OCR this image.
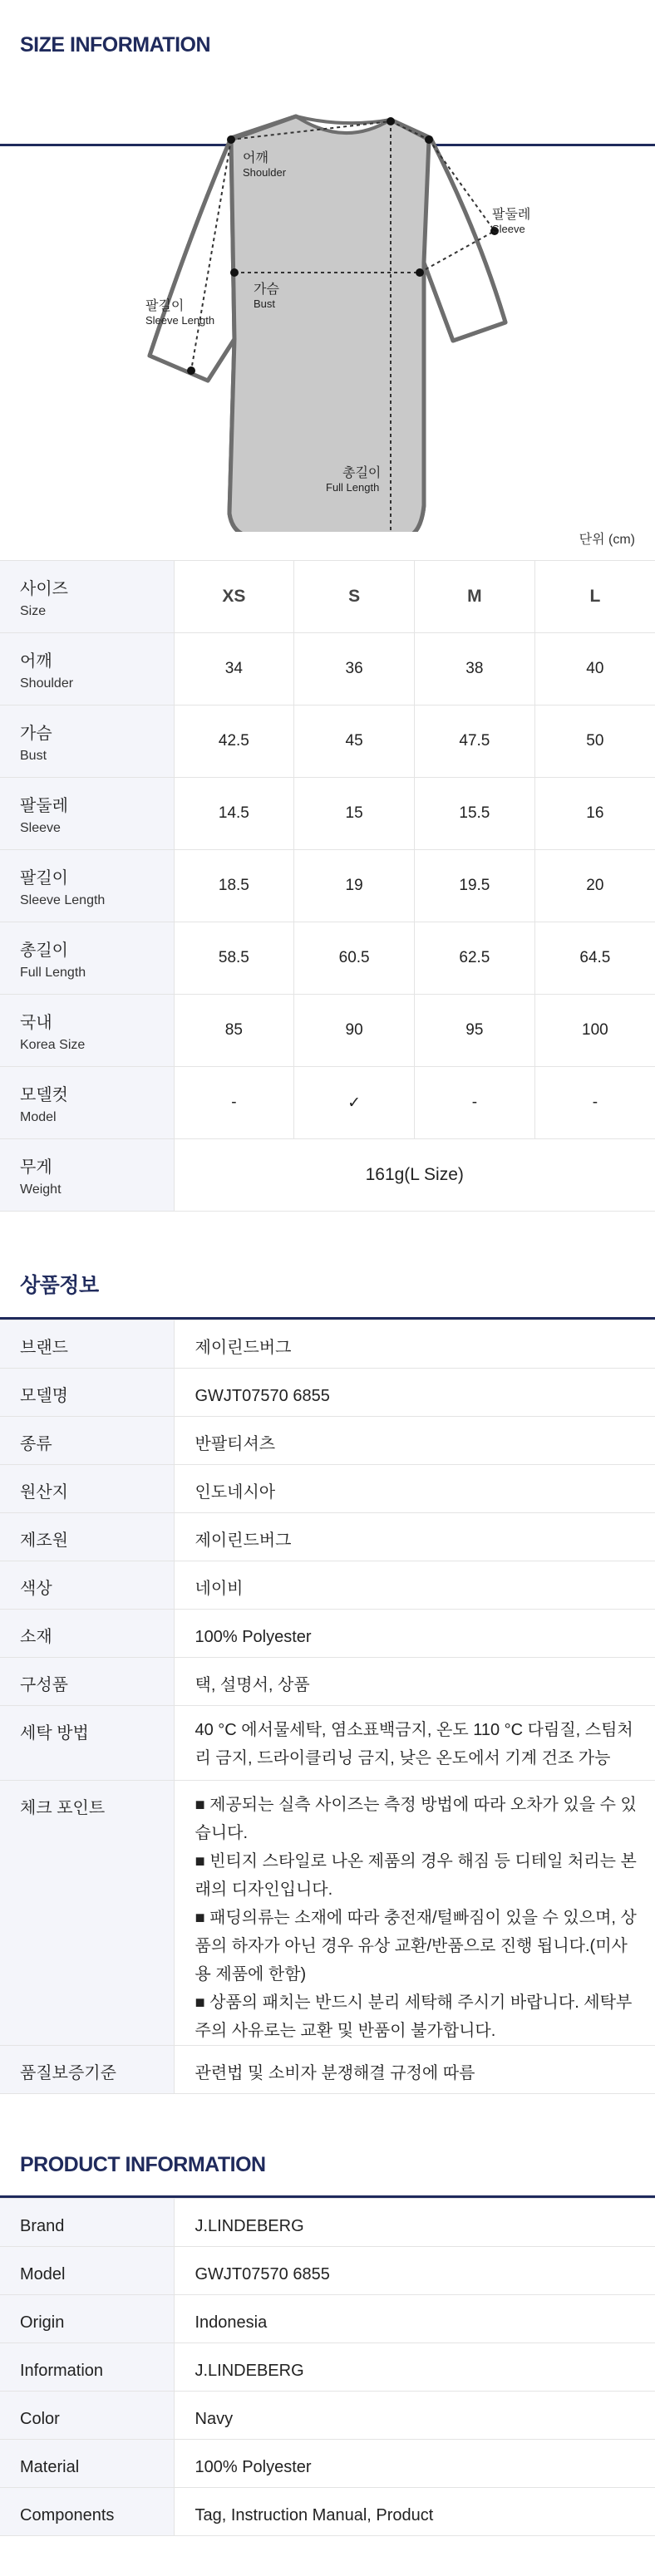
SIZE INFORMATION
어깨
Shoulder
팔둘레
Sleeve
가슴
Bust
팔길이
Sleeve Length
총길이
Full Length
단위 (cm)
사이즈
Size	XS	S	M	L

어깨
Shoulder	34	36	38	40

가슴
Bust	42.5	45	47.5	50

팔둘레
Sleeve	14.5	15	15.5	16

팔길이
Sleeve Length	18.5	19	19.5	20

총길이
Full Length	58.5	60.5	62.5	64.5

국내
Korea Size	85	90	95	100

모델컷
Model	-	✓	-	-

무게
Weight	161g(L Size)			
상품정보
브랜드	제이린드버그
모델명	GWJT07570 6855
종류	반팔티셔츠
원산지	인도네시아
제조원	제이린드버그
색상	네이비
소재	100% Polyester
구성품	택, 설명서, 상품
세탁 방법	40 °C 에서물세탁, 염소표백금지, 온도 110 °C 다림질, 스팀처리 금지, 드라이클리닝 금지, 낮은 온도에서 기계 건조 가능
체크 포인트	■ 제공되는 실측 사이즈는 측정 방법에 따라 오차가 있을 수 있습니다.
■ 빈티지 스타일로 나온 제품의 경우 해짐 등 디테일 처리는 본래의 디자인입니다.
■ 패딩의류는 소재에 따라 충전재/털빠짐이 있을 수 있으며, 상품의 하자가 아닌 경우 유상 교환/반품으로 진행 됩니다.(미사용 제품에 한함)
■ 상품의 패치는 반드시 분리 세탁해 주시기 바랍니다. 세탁부주의 사유로는 교환 및 반품이 불가합니다.

품질보증기준	관련법 및 소비자 분쟁해결 규정에 따름
PRODUCT INFORMATION
Brand	J.LINDEBERG
Model	GWJT07570 6855
Origin	Indonesia
Information	J.LINDEBERG
Color	Navy
Material	100% Polyester
Components	Tag, Instruction Manual, Product
